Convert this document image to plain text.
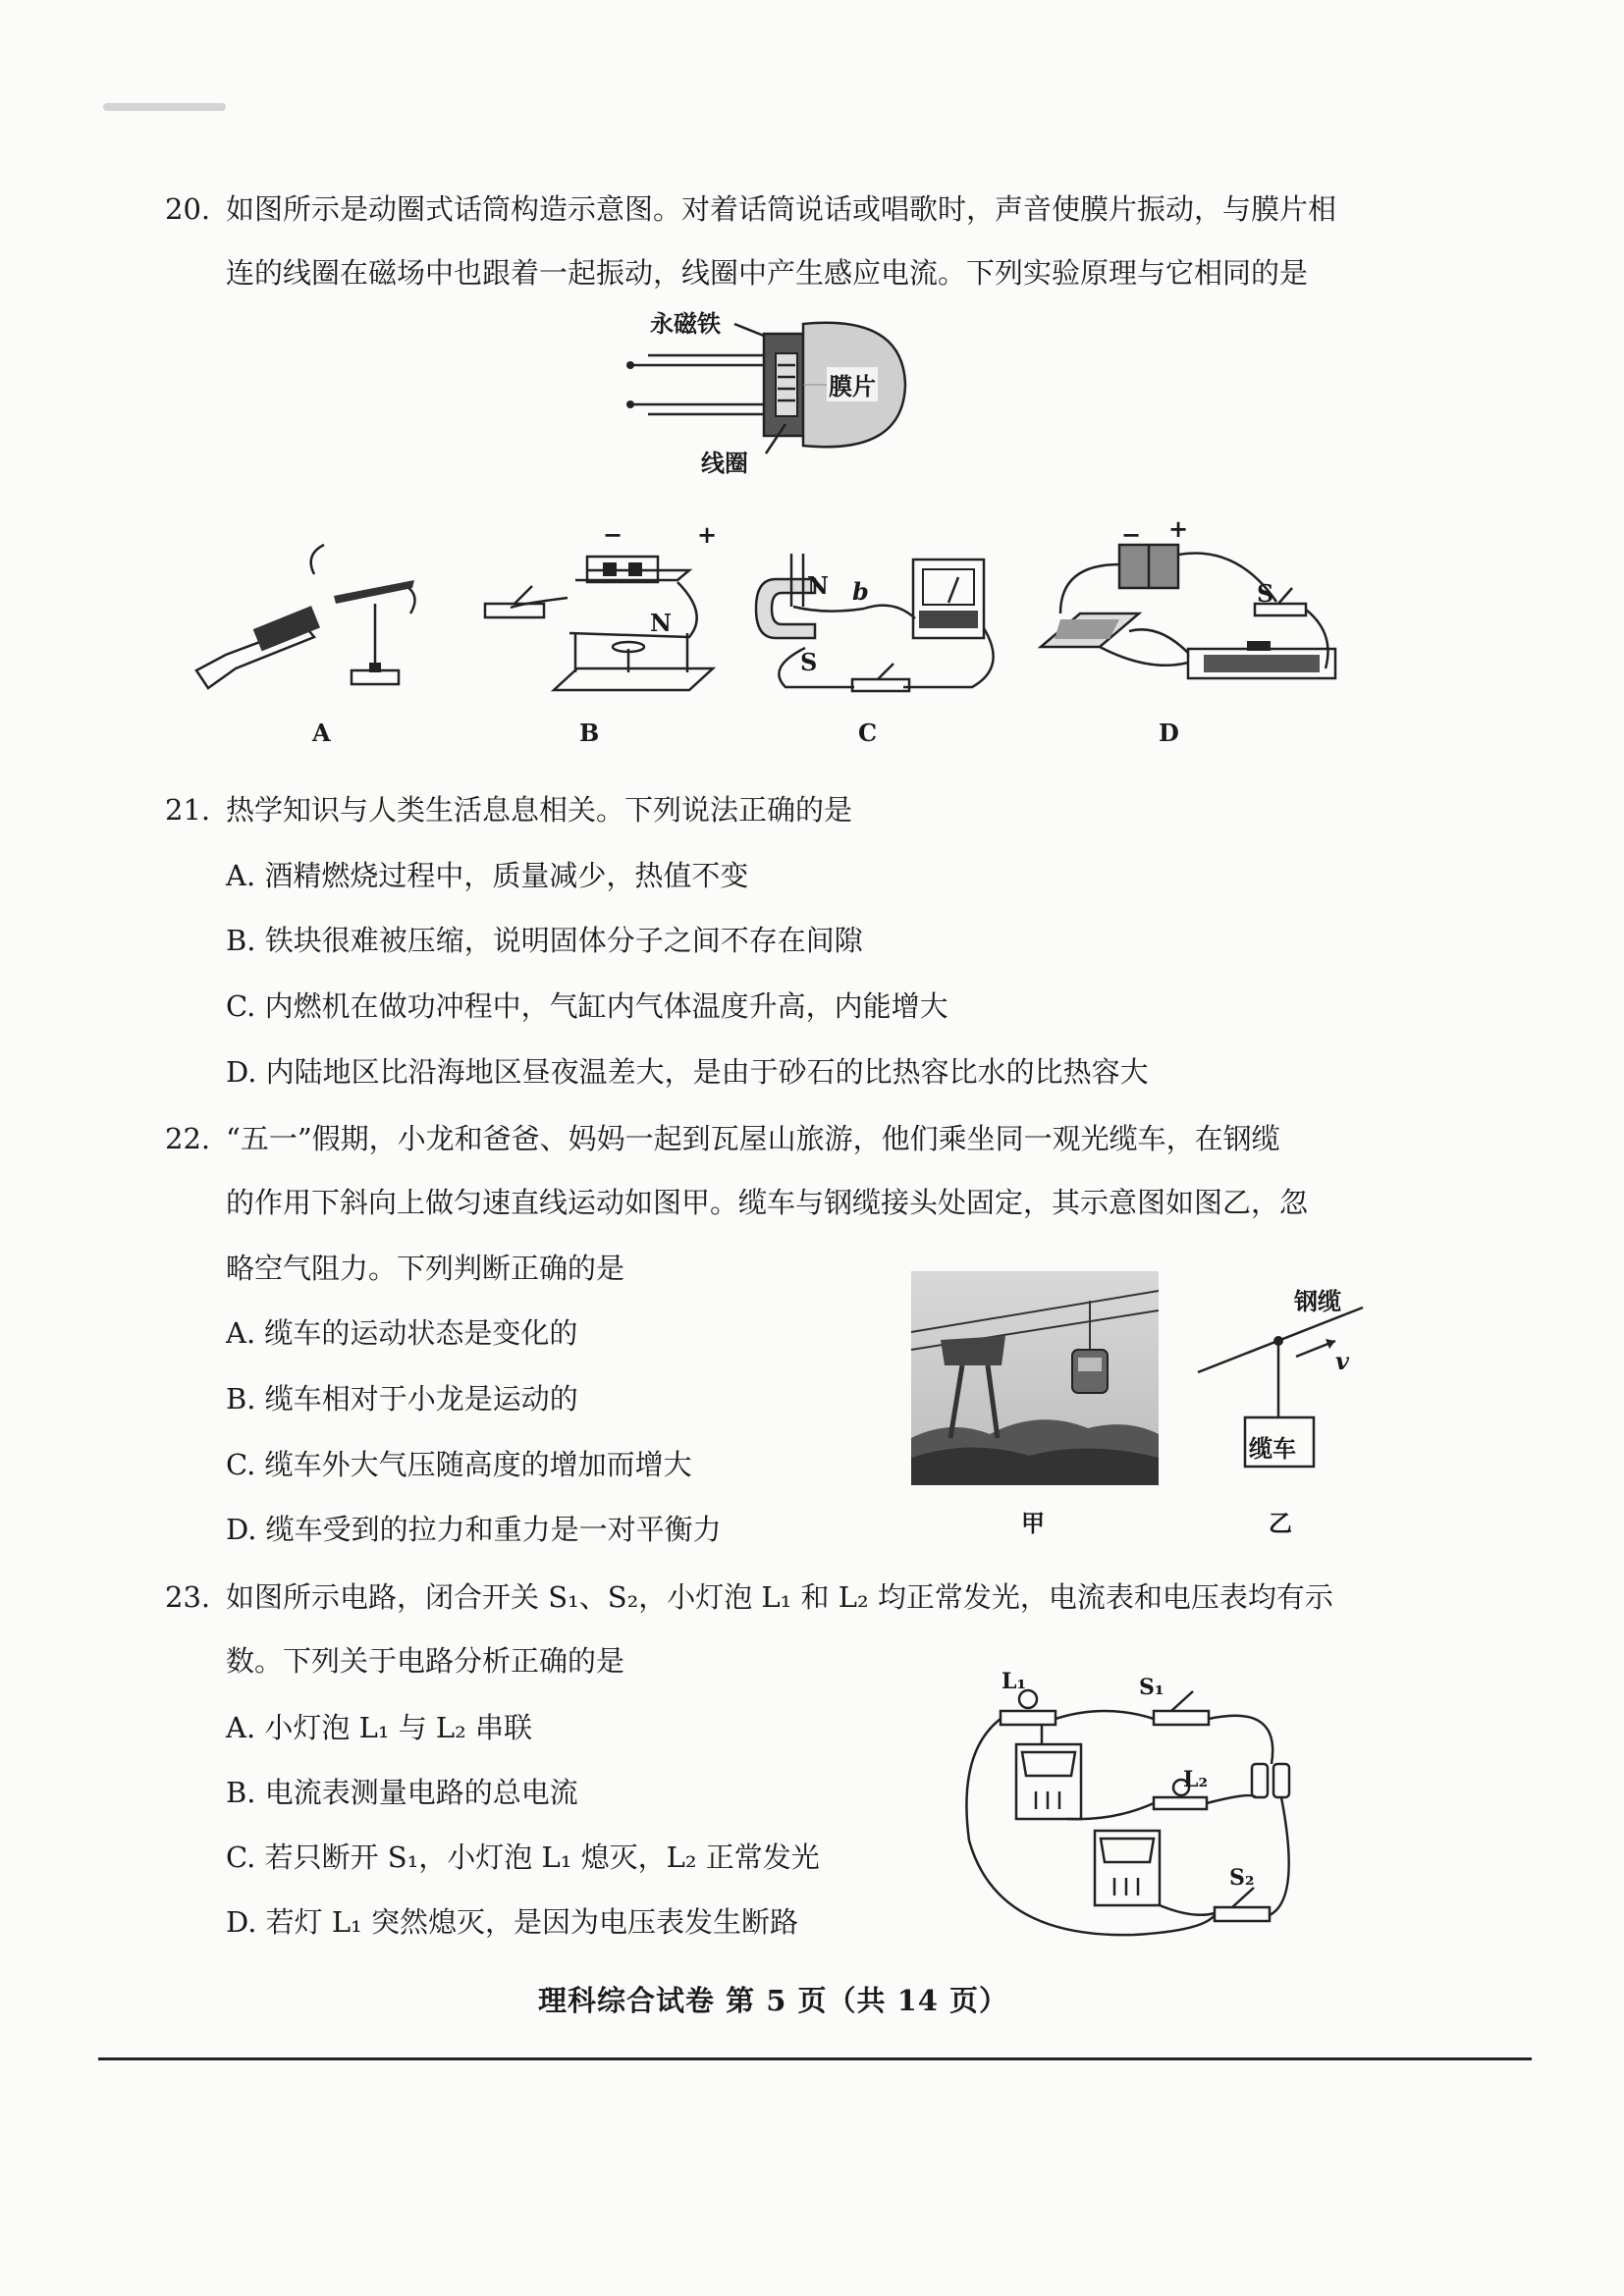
20. 如图所示是动圈式话筒构造示意图。对着话筒说话或唱歌时，声音使膜片振动，与膜片相
连的线圈在磁场中也跟着一起振动，线圈中产生感应电流。下列实验原理与它相同的是
永磁铁
膜片
线圈
A
−	+
N
B
N b
S
C
− +
S
D
21. 热学知识与人类生活息息相关。下列说法正确的是
A. 酒精燃烧过程中，质量减少，热值不变
B. 铁块很难被压缩，说明固体分子之间不存在间隙
C. 内燃机在做功冲程中，气缸内气体温度升高，内能增大
D. 内陆地区比沿海地区昼夜温差大，是由于砂石的比热容比水的比热容大
22. “五一”假期，小龙和爸爸、妈妈一起到瓦屋山旅游，他们乘坐同一观光缆车，在钢缆
的作用下斜向上做匀速直线运动如图甲。缆车与钢缆接头处固定，其示意图如图乙，忽
略空气阻力。下列判断正确的是
A. 缆车的运动状态是变化的
B. 缆车相对于小龙是运动的
C. 缆车外大气压随高度的增加而增大
D. 缆车受到的拉力和重力是一对平衡力	甲
钢缆
v
缆车
乙
23. 如图所示电路，闭合开关 S₁、S₂，小灯泡 L₁ 和 L₂ 均正常发光，电流表和电压表均有示
数。下列关于电路分析正确的是
A. 小灯泡 L₁ 与 L₂ 串联
B. 电流表测量电路的总电流
C. 若只断开 S₁，小灯泡 L₁ 熄灭，L₂ 正常发光
D. 若灯 L₁ 突然熄灭，是因为电压表发生断路
L₁	S₁
L₂
S₂
理科综合试卷 第 5 页（共 14 页）
